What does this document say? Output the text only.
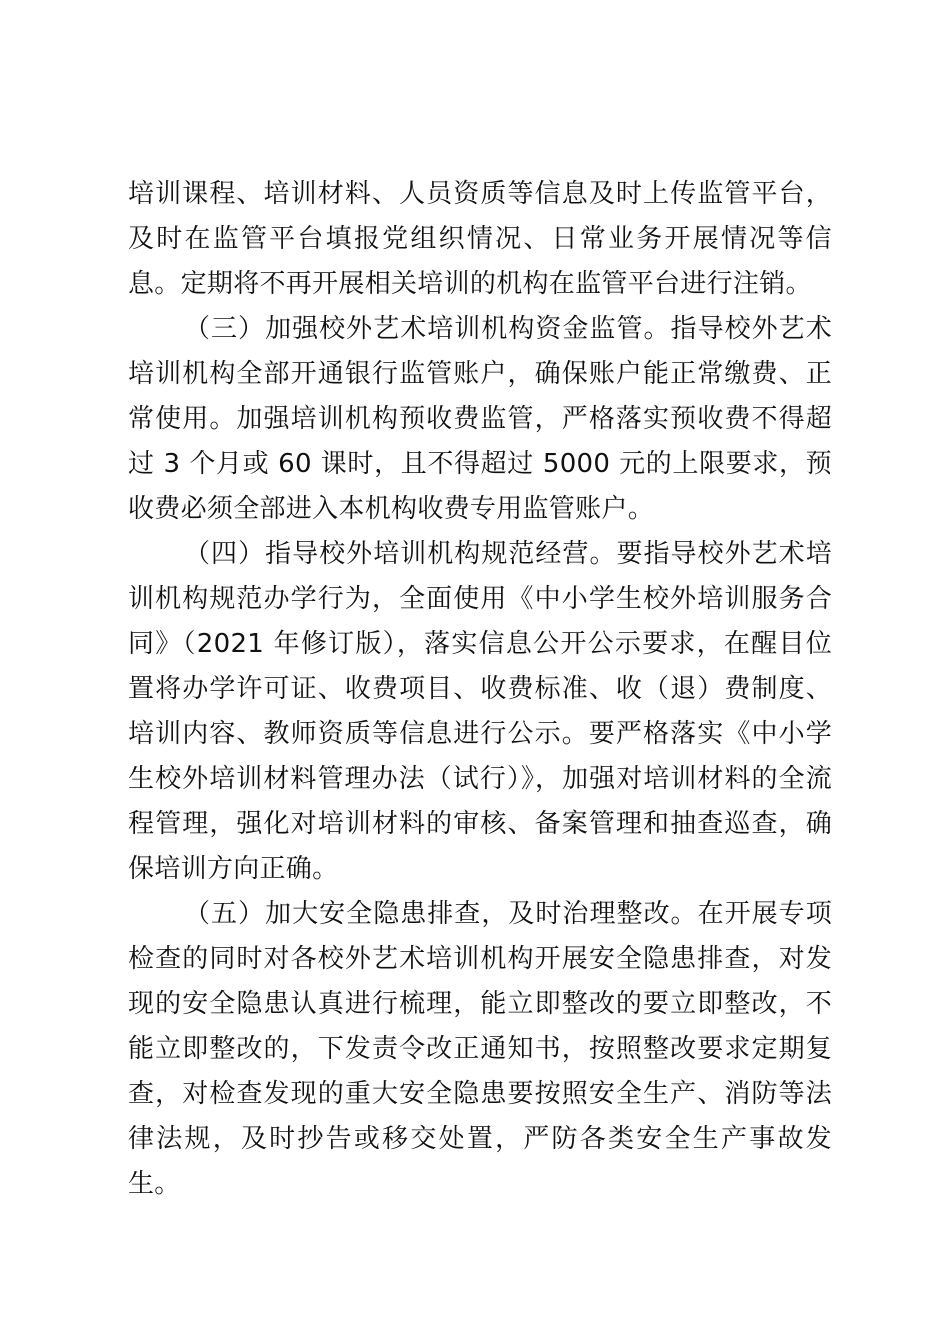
培训课程、培训材料、人员资质等信息及时上传监管平台，及时在监管平台填报党组织情况、日常业务开展情况等信息。定期将不再开展相关培训的机构在监管平台进行注销。

（三）加强校外艺术培训机构资金监管。指导校外艺术培训机构全部开通银行监管账户，确保账户能正常缴费、正常使用。加强培训机构预收费监管，严格落实预收费不得超过 3 个月或 60 课时，且不得超过 5000 元的上限要求，预收费必须全部进入本机构收费专用监管账户。

（四）指导校外培训机构规范经营。要指导校外艺术培训机构规范办学行为，全面使用《中小学生校外培训服务合同》（2021 年修订版），落实信息公开公示要求，在醒目位置将办学许可证、收费项目、收费标准、收（退）费制度、培训内容、教师资质等信息进行公示。要严格落实《中小学生校外培训材料管理办法（试行）》，加强对培训材料的全流程管理，强化对培训材料的审核、备案管理和抽查巡查，确保培训方向正确。

（五）加大安全隐患排查，及时治理整改。在开展专项检查的同时对各校外艺术培训机构开展安全隐患排查，对发现的安全隐患认真进行梳理，能立即整改的要立即整改，不能立即整改的，下发责令改正通知书，按照整改要求定期复查，对检查发现的重大安全隐患要按照安全生产、消防等法律法规，及时抄告或移交处置，严防各类安全生产事故发生。
